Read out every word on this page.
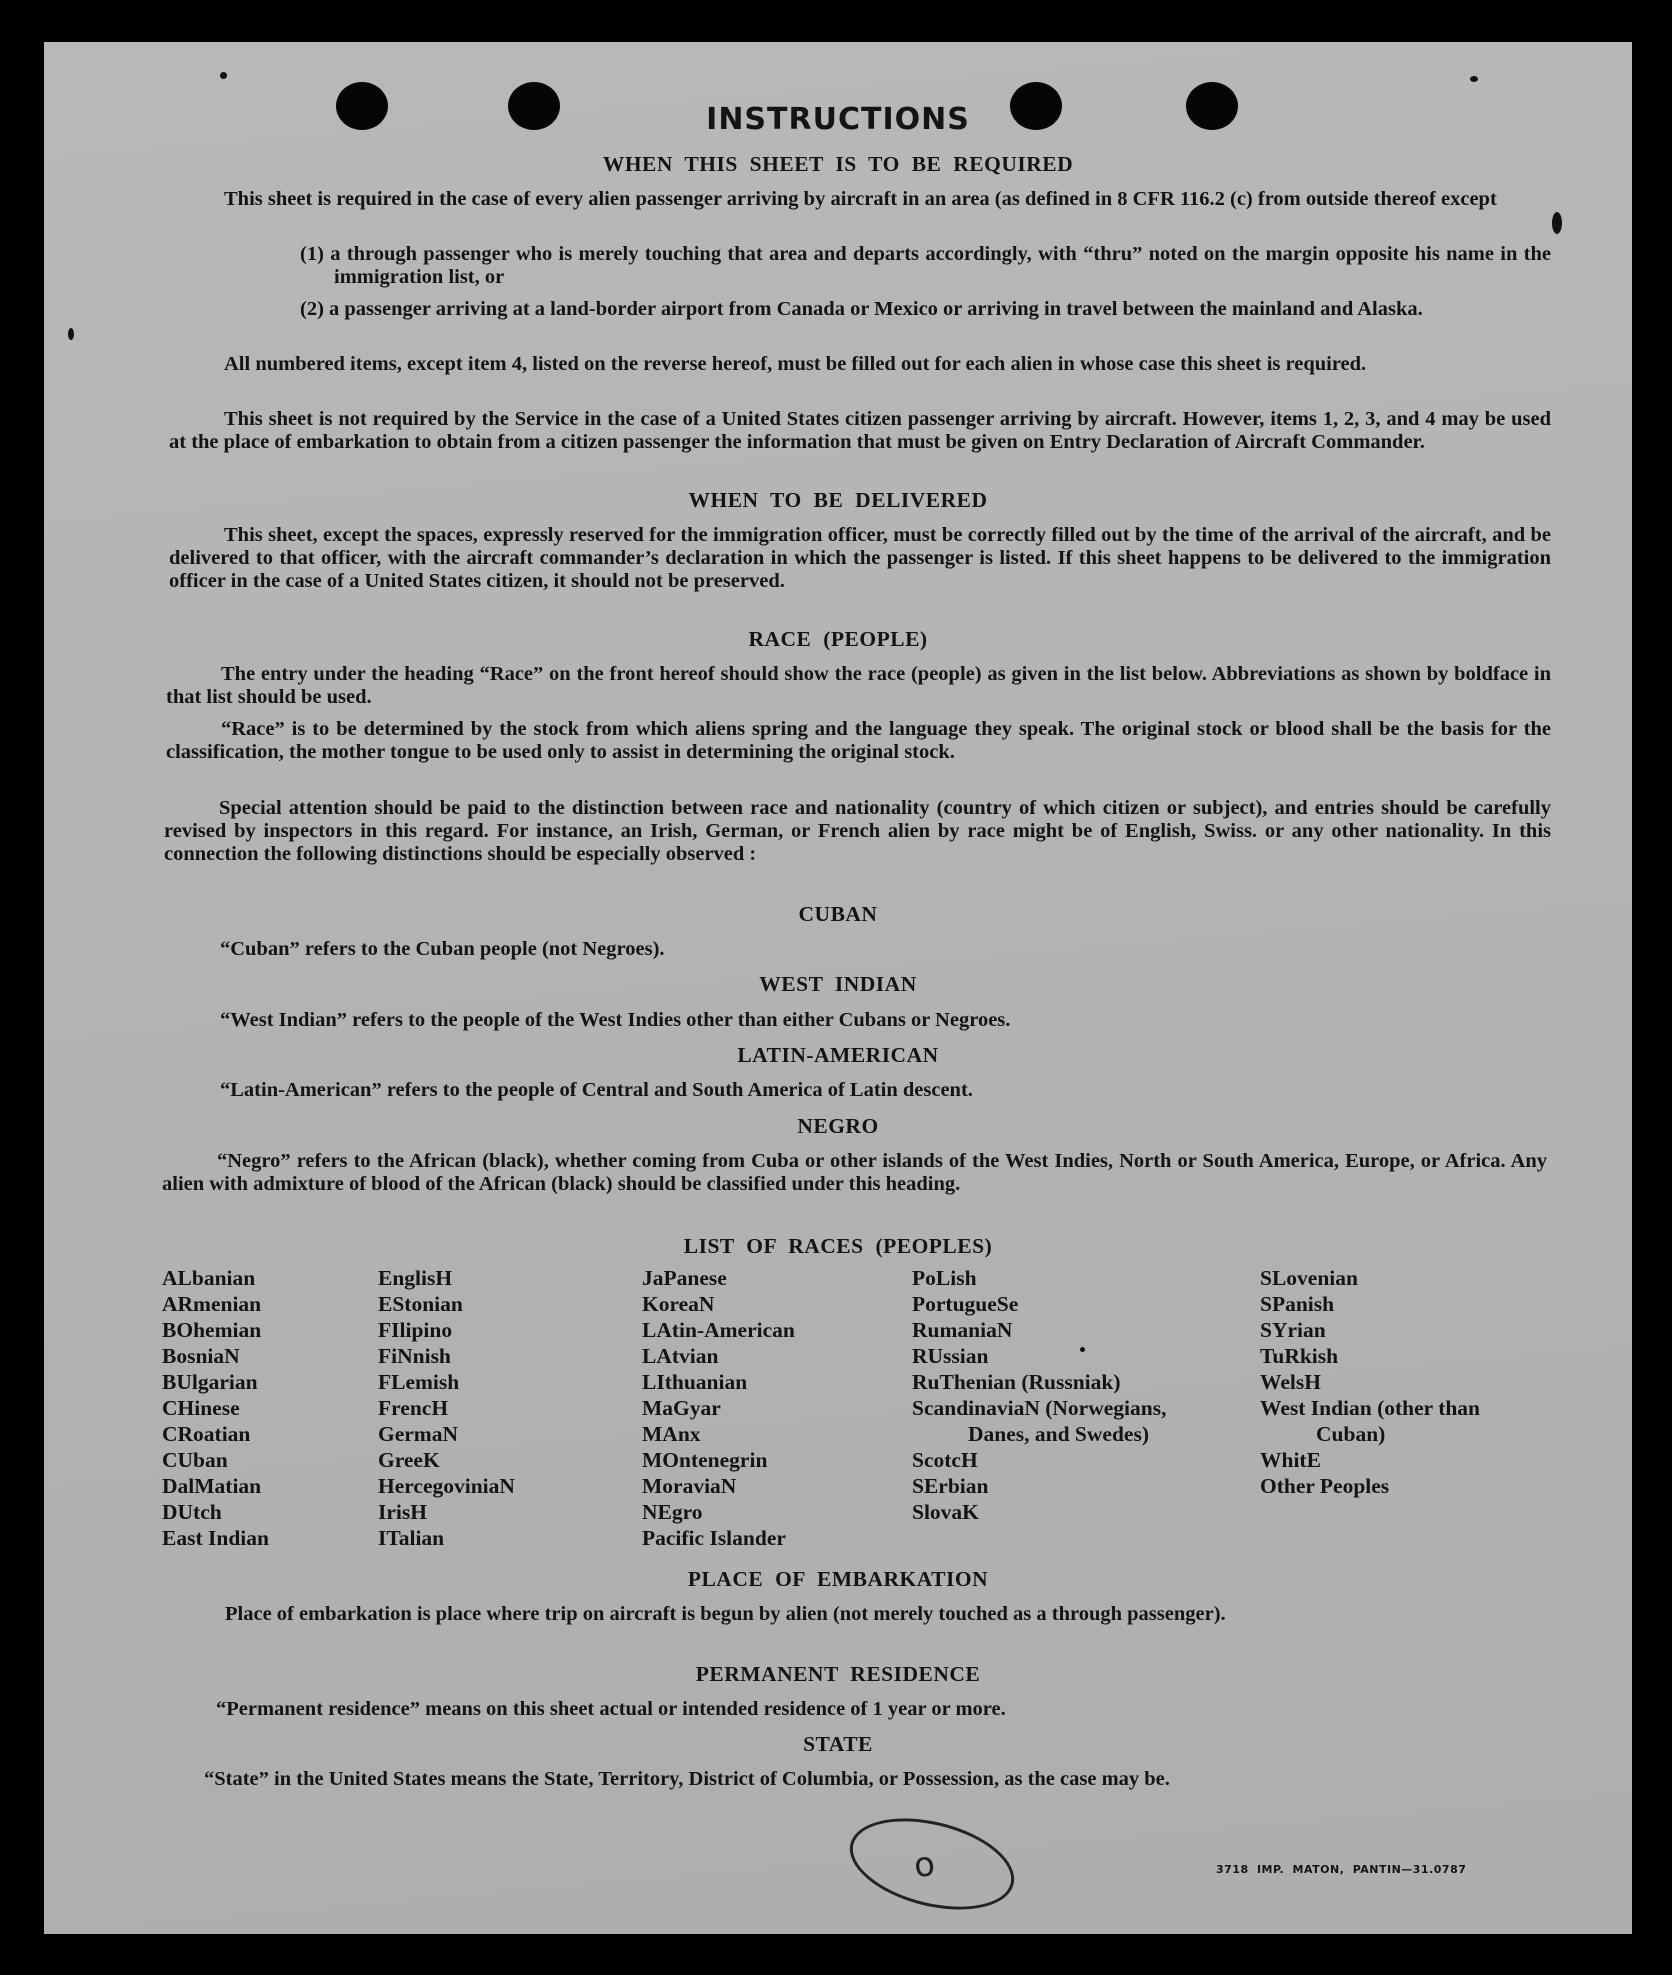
INSTRUCTIONS
WHEN THIS SHEET IS TO BE REQUIRED

This sheet is required in the case of every alien passenger arriving by aircraft in an area (as defined in 8 CFR 116.2 (c) from outside thereof except

(1) a through passenger who is merely touching that area and departs accordingly, with “thru” noted on the margin opposite his name in the immigration list, or

(2) a passenger arriving at a land-border airport from Canada or Mexico or arriving in travel between the mainland and Alaska.

All numbered items, except item 4, listed on the reverse hereof, must be filled out for each alien in whose case this sheet is required.

This sheet is not required by the Service in the case of a United States citizen passenger arriving by aircraft. However, items 1, 2, 3, and 4 may be used at the place of embarkation to obtain from a citizen passenger the information that must be given on Entry Declaration of Aircraft Commander.

WHEN TO BE DELIVERED

This sheet, except the spaces, expressly reserved for the immigration officer, must be correctly filled out by the time of the arrival of the aircraft, and be delivered to that officer, with the aircraft commander’s declaration in which the passenger is listed. If this sheet happens to be delivered to the immigration officer in the case of a United States citizen, it should not be preserved.

RACE (PEOPLE)

The entry under the heading “Race” on the front hereof should show the race (people) as given in the list below. Abbreviations as shown by boldface in that list should be used.

“Race” is to be determined by the stock from which aliens spring and the language they speak. The original stock or blood shall be the basis for the classification, the mother tongue to be used only to assist in determining the original stock.

Special attention should be paid to the distinction between race and nationality (country of which citizen or subject), and entries should be carefully revised by inspectors in this regard. For instance, an Irish, German, or French alien by race might be of English, Swiss. or any other nationality. In this connection the following distinctions should be especially observed :

CUBAN

“Cuban” refers to the Cuban people (not Negroes).

WEST INDIAN

“West Indian” refers to the people of the West Indies other than either Cubans or Negroes.

LATIN-AMERICAN

“Latin-American” refers to the people of Central and South America of Latin descent.

NEGRO

“Negro” refers to the African (black), whether coming from Cuba or other islands of the West Indies, North or South America, Europe, or Africa. Any alien with admixture of blood of the African (black) should be classified under this heading.

LIST OF RACES (PEOPLES)
ALbanian
ARmenian
BOhemian
BosniaN
BUlgarian
CHinese
CRoatian
CUban
DalMatian
DUtch
East Indian
EnglisH
EStonian
FIlipino
FiNnish
FLemish
FrencH
GermaN
GreeK
HercegoviniaN
IrisH
ITalian
JaPanese
KoreaN
LAtin-American
LAtvian
LIthuanian
MaGyar
MAnx
MOntenegrin
MoraviaN
NEgro
Pacific Islander
PoLish
PortugueSe
RumaniaN
RUssian
RuThenian (Russniak)
ScandinaviaN (Norwegians, Danes, and Swedes)
ScotcH
SErbian
SlovaK
SLovenian
SPanish
SYrian
TuRkish
WelsH
West Indian (other than Cuban)
WhitE
Other Peoples
PLACE OF EMBARKATION

Place of embarkation is place where trip on aircraft is begun by alien (not merely touched as a through passenger).

PERMANENT RESIDENCE

“Permanent residence” means on this sheet actual or intended residence of 1 year or more.

STATE

“State” in the United States means the State, Territory, District of Columbia, or Possession, as the case may be.

o	3718 IMP. MATON, PANTIN—31.0787
